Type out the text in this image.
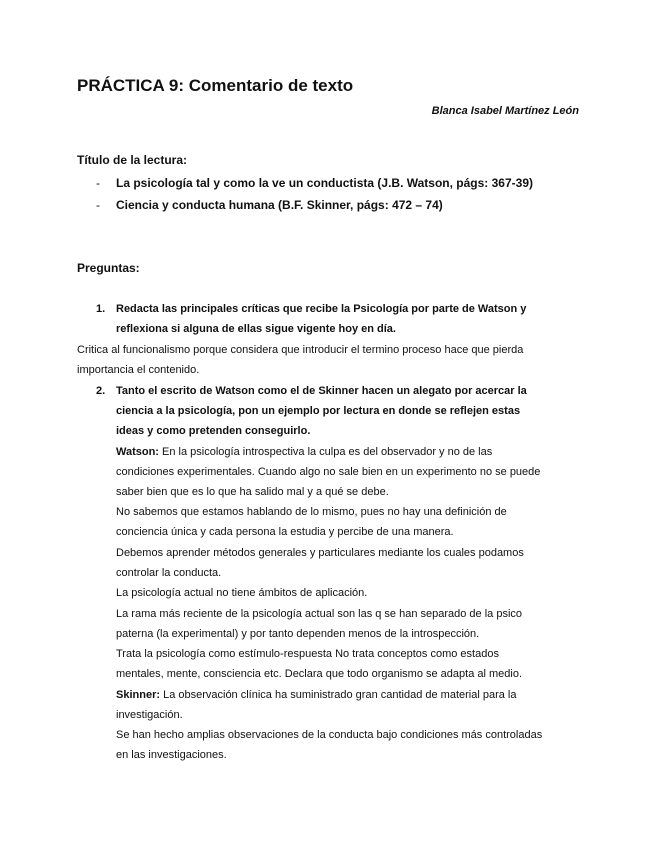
PRÁCTICA 9: Comentario de texto
Blanca Isabel Martínez León
Título de la lectura:
- La psicología tal y como la ve un conductista (J.B. Watson, págs: 367-39)
- Ciencia y conducta humana (B.F. Skinner, págs: 472 – 74)
Preguntas:
1. Redacta las principales críticas que recibe la Psicología por parte de Watson y
reflexiona si alguna de ellas sigue vigente hoy en día.
Critica al funcionalismo porque considera que introducir el termino proceso hace que pierda
importancia el contenido.
2. Tanto el escrito de Watson como el de Skinner hacen un alegato por acercar la
ciencia a la psicología, pon un ejemplo por lectura en donde se reflejen estas
ideas y como pretenden conseguirlo.
Watson: En la psicología introspectiva la culpa es del observador y no de las
condiciones experimentales. Cuando algo no sale bien en un experimento no se puede
saber bien que es lo que ha salido mal y a qué se debe.
No sabemos que estamos hablando de lo mismo, pues no hay una definición de
conciencia única y cada persona la estudia y percibe de una manera.
Debemos aprender métodos generales y particulares mediante los cuales podamos
controlar la conducta.
La psicología actual no tiene ámbitos de aplicación.
La rama más reciente de la psicología actual son las q se han separado de la psico
paterna (la experimental) y por tanto dependen menos de la introspección.
Trata la psicología como estímulo-respuesta No trata conceptos como estados
mentales, mente, consciencia etc. Declara que todo organismo se adapta al medio.
Skinner: La observación clínica ha suministrado gran cantidad de material para la
investigación.
Se han hecho amplias observaciones de la conducta bajo condiciones más controladas
en las investigaciones.
